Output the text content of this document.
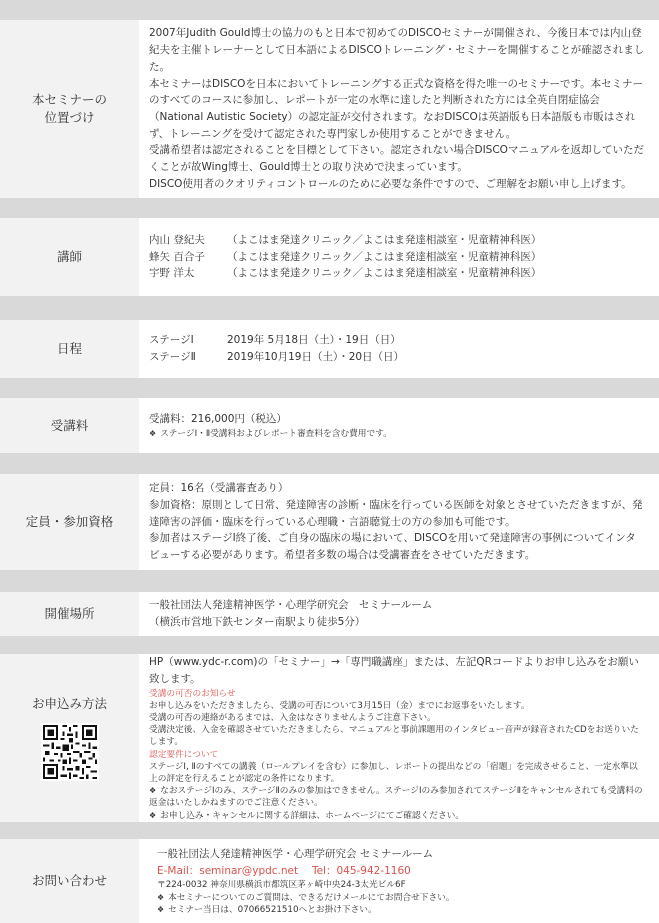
本セミナーの
位置づけ

2007年Judith Gould博士の協力のもと日本で初めてのDISCOセミナーが開催され、今後日本では内山登紀夫を主催トレーナーとして日本語によるDISCOトレーニング・セミナーを開催することが確認されました。

本セミナーはDISCOを日本においてトレーニングする正式な資格を得た唯一のセミナーです。本セミナーのすべてのコースに参加し、レポートが一定の水準に達したと判断された方には全英自閉症協会（National Autistic Society）の認定証が交付されます。なおDISCOは英語版も日本語版も市販はされず、トレーニングを受けて認定された専門家しか使用することができません。

受講希望者は認定されることを目標として下さい。認定されない場合DISCOマニュアルを返却していただくことが故Wing博士、Gould博士との取り決めで決まっています。

DISCO使用者のクオリティコントロールのために必要な条件ですので、ご理解をお願い申し上げます。

講師
内山 登紀夫	（よこはま発達クリニック／よこはま発達相談室・児童精神科医）
蜂矢 百合子	（よこはま発達クリニック／よこはま発達相談室・児童精神科医）
宇野 洋太	（よこはま発達クリニック／よこはま発達相談室・児童精神科医）
日程
ステージⅠ	2019年 5月18日（土）・19日（日）
ステージⅡ	2019年10月19日（土）・20日（日）
受講料	受講料：216,000円（税込）

❖ ステージⅠ・Ⅱ受講料およびレポート審査料を含む費用です。

定員・参加資格

定員：16名（受講審査あり）

参加資格：原則として日常、発達障害の診断・臨床を行っている医師を対象とさせていただきますが、発達障害の評価・臨床を行っている心理職・言語聴覚士の方の参加も可能です。

参加者はステージⅠ終了後、ご自身の臨床の場において、DISCOを用いて発達障害の事例についてインタビューする必要があります。希望者多数の場合は受講審査をさせていただきます。

開催場所

一般社団法人発達精神医学・心理学研究会　セミナールーム

（横浜市営地下鉄センター南駅より徒歩5分）

お申込み方法

HP（www.ydc-r.com)の「セミナー」→「専門職講座」または、左記QRコードよりお申し込みをお願い致します。

受講の可否のお知らせ

お申し込みをいただきましたら、受講の可否について3月15日（金）までにお返事をいたします。

受講の可否の連絡があるまでは、入金はなさりませんようご注意下さい。

受講決定後、入金を確認させていただきましたら、マニュアルと事前課題用のインタビュー音声が録音されたCDをお送りいたします。

認定要件について

ステージⅠ, Ⅱのすべての講義（ロールプレイを含む）に参加し、レポートの提出などの「宿題」を完成させること、一定水準以上の評定を行えることが認定の条件になります。

❖ なおステージⅠのみ、ステージⅡのみの参加はできません。ステージⅠのみ参加されてステージⅡをキャンセルされても受講料の返金はいたしかねますのでご注意ください。

❖ お申し込み・キャンセルに関する詳細は、ホームページにてご確認ください。

お問い合わせ

一般社団法人発達精神医学・心理学研究会 セミナールーム

E-Mail：seminar@ypdc.net　 Tel：045-942-1160

〒224-0032 神奈川県横浜市都筑区茅ヶ崎中央24-3太光ビル6F

❖ 本セミナーについてのご質問は、できるだけメールにてお問合せ下さい。

❖ セミナー当日は、07066521510へとお掛け下さい。
